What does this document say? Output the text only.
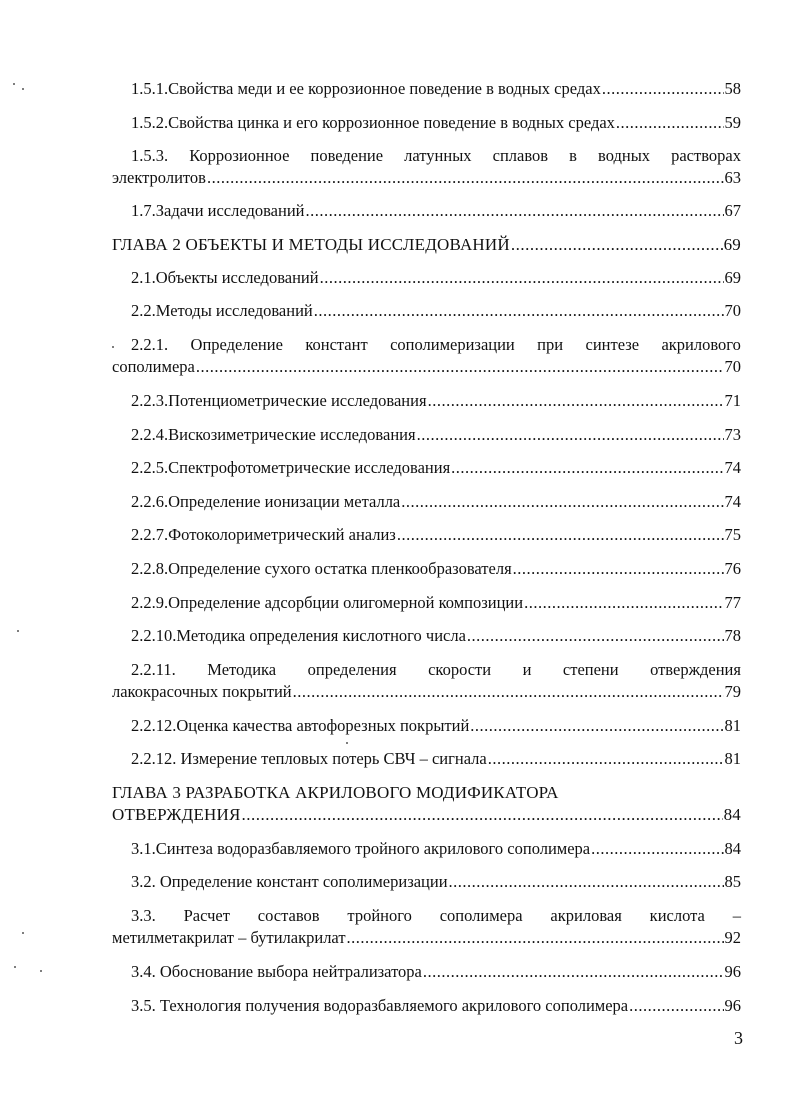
1.5.1. Свойства меди и ее коррозионное поведение в водных средах .....	58
1.5.2. Свойства цинка и его коррозионное поведение в водных средах .....	59
1.5.3. Коррозионное поведение латунных сплавов в водных растворах
электролитов .....	63
1.7. Задачи исследований .....	67
ГЛАВА 2 ОБЪЕКТЫ И МЕТОДЫ ИССЛЕДОВАНИЙ .....	69
2.1.Объекты исследований .....	69
2.2. Методы исследований .....	70
2.2.1. Определение констант сополимеризации при синтезе акрилового
сополимера .....	70
2.2.3. Потенциометрические исследования .....	71
2.2.4. Вискозиметрические исследования .....	73
2.2.5. Спектрофотометрические исследования .....	74
2.2.6. Определение ионизации металла .....	74
2.2.7. Фотоколориметрический анализ .....	75
2.2.8. Определение сухого остатка пленкообразователя .....	76
2.2.9. Определение адсорбции олигомерной композиции .....	77
2.2.10. Методика определения кислотного числа .....	78
2.2.11. Методика определения скорости и степени отверждения
лакокрасочных покрытий .....	79
2.2.12. Оценка качества автофорезных покрытий .....	81
2.2.12. Измерение тепловых потерь СВЧ – сигнала .....	81
ГЛАВА 3 РАЗРАБОТКА АКРИЛОВОГО МОДИФИКАТОРА
ОТВЕРЖДЕНИЯ .....	84
3.1. Синтеза водоразбавляемого тройного акрилового сополимера .....	84
3.2. Определение констант сополимеризации .....	85
3.3. Расчет составов тройного сополимера акриловая кислота –
метилметакрилат – бутилакрилат .....	92
3.4. Обоснование выбора нейтрализатора .....	96
3.5. Технология получения водоразбавляемого акрилового сополимера .....	96
3
